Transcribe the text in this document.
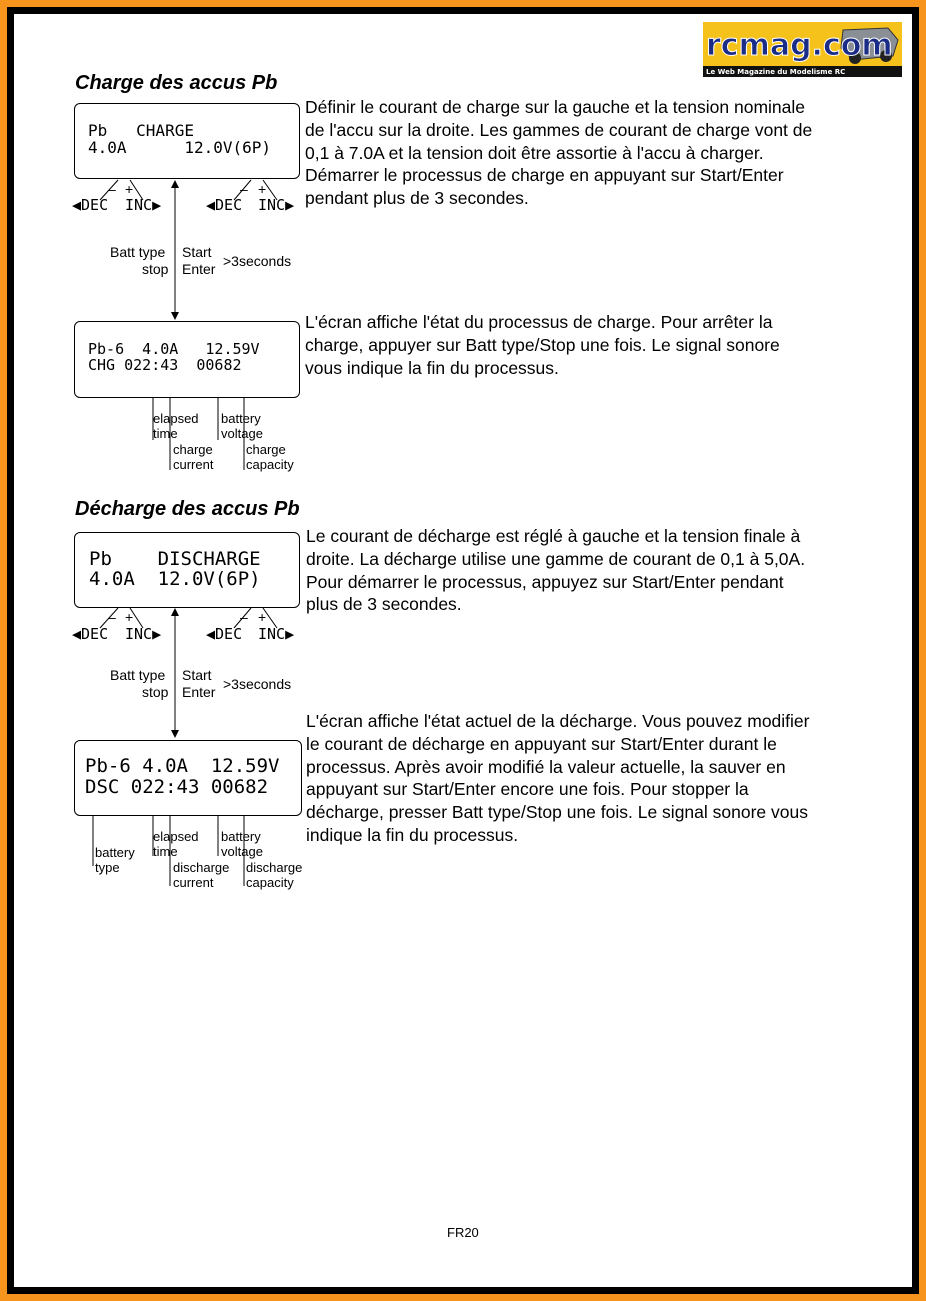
rcmag.com
Le Web Magazine du Modelisme RC
Charge des accus Pb
Définir le courant de charge sur la gauche et la tension nominale
de l'accu sur la droite. Les gammes de courant de charge vont de
0,1 à 7.0A et la tension doit être assortie à l'accu à charger.
Démarrer le processus de charge en appuyant sur Start/Enter
pendant plus de 3 secondes.
Pb   CHARGE
4.0A      12.0V(6P)
– +	– +
◀DEC INC▶	◀DEC INC▶
Batt type
stop
Start
Enter >3seconds
L'écran affiche l'état du processus de charge. Pour arrêter la
charge, appuyer sur Batt type/Stop une fois. Le signal sonore
vous indique la fin du processus.
Pb-6  4.0A   12.59V
CHG 022:43  00682
elapsed
time
battery
voltage
charge
current
charge
capacity
Décharge des accus Pb
Le courant de décharge est réglé à gauche et la tension finale à
droite. La décharge utilise une gamme de courant de 0,1 à 5,0A.
Pour démarrer le processus, appuyez sur Start/Enter pendant
plus de 3 secondes.
Pb    DISCHARGE
4.0A  12.0V(6P)
– +	– +
◀DEC INC▶	◀DEC INC▶
Batt type
stop
Start
Enter >3seconds
L'écran affiche l'état actuel de la décharge. Vous pouvez modifier
le courant de décharge en appuyant sur Start/Enter durant le
processus. Après avoir modifié la valeur actuelle, la sauver en
appuyant sur Start/Enter encore une fois. Pour stopper la
décharge, presser Batt type/Stop une fois. Le signal sonore vous
indique la fin du processus.
Pb-6 4.0A  12.59V
DSC 022:43 00682
battery
type
elapsed
time
battery
voltage
discharge
current
discharge
capacity
FR20
